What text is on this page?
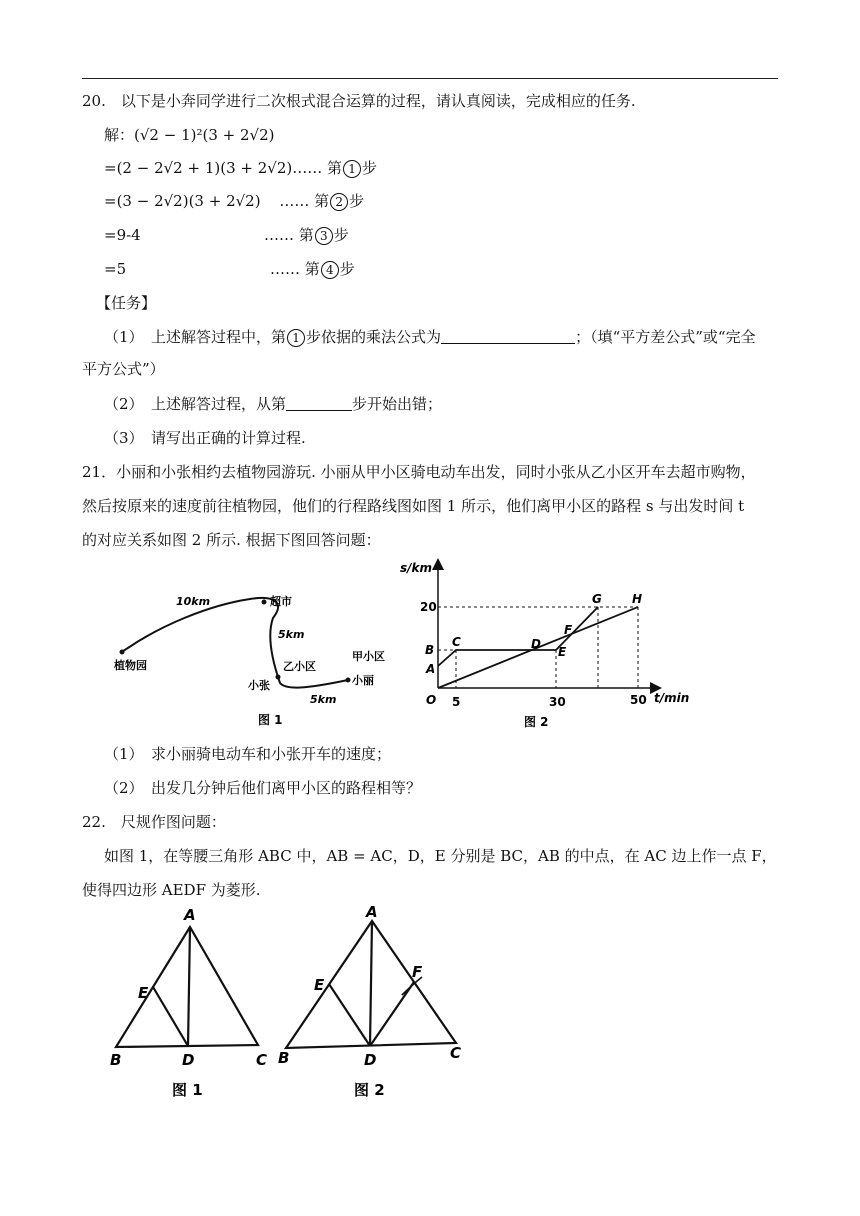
20.　以下是小奔同学进行二次根式混合运算的过程，请认真阅读，完成相应的任务.
解：(√2 − 1)²(3 + 2√2)
=(2 − 2√2 + 1)(3 + 2√2)…… 第 1 步
=(3 − 2√2)(3 + 2√2) …… 第 2 步
=9-4	…… 第 3 步
=5	…… 第 4 步
【任务】
（1）　上述解答过程中，第 1 步依据的乘法公式为	；（填“平方差公式”或“完全
平方公式”）
（2）　上述解答过程，从第	步开始出错；
（3）　请写出正确的计算过程.
21．小丽和小张相约去植物园游玩. 小丽从甲小区骑电动车出发，同时小张从乙小区开车去超市购物，
然后按原来的速度前往植物园，他们的行程路线图如图 1 所示，他们离甲小区的路程 s 与出发时间 t
的对应关系如图 2 所示. 根据下图回答问题：
10km	超市
5km
乙小区
小张
5km
甲小区
小丽
植物园
图 1
s/km
t/min
O
20
5	30	50
A
B
C	D
E
F
G	H
图 2
（1）　求小丽骑电动车和小张开车的速度；
（2）　出发几分钟后他们离甲小区的路程相等？
22.　尺规作图问题：
如图 1，在等腰三角形 ABC 中，AB = AC，D，E 分别是 BC，AB 的中点，在 AC 边上作一点 F，
使得四边形 AEDF 为菱形.
A
E
B	D	C
图 1
A
E
F
B	D	C
图 2
